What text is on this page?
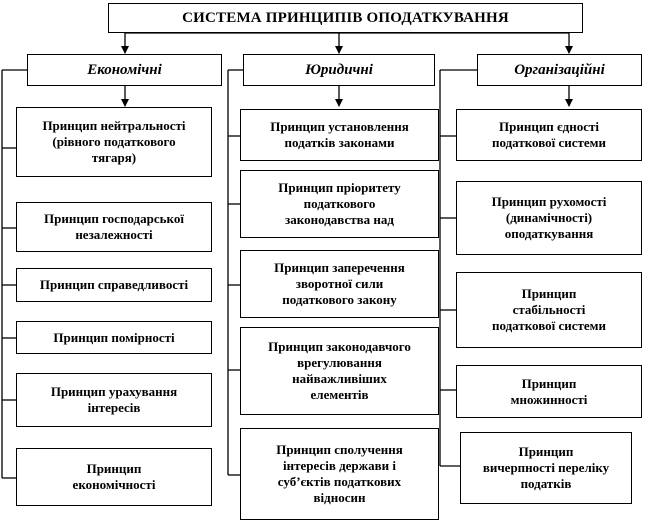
СИСТЕМА ПРИНЦИПІВ ОПОДАТКУВАННЯ
Економічні	Юридичні	Організаційні
Принцип нейтральності
(рівного податкового
тягаря)
Принцип господарської
незалежності
Принцип справедливості
Принцип помірності
Принцип урахування
інтересів
Принцип
економічності
Принцип установлення
податків законами
Принцип пріоритету
податкового
законодавства над
Принцип заперечення
зворотної сили
податкового закону
Принцип законодавчого
врегулювання
найважливіших
елементів
Принцип сполучення
інтересів держави і
суб’єктів податкових
відносин
Принцип єдності
податкової системи
Принцип рухомості
(динамічності)
оподаткування
Принцип
стабільності
податкової системи
Принцип
множинності
Принцип
вичерпності переліку
податків
